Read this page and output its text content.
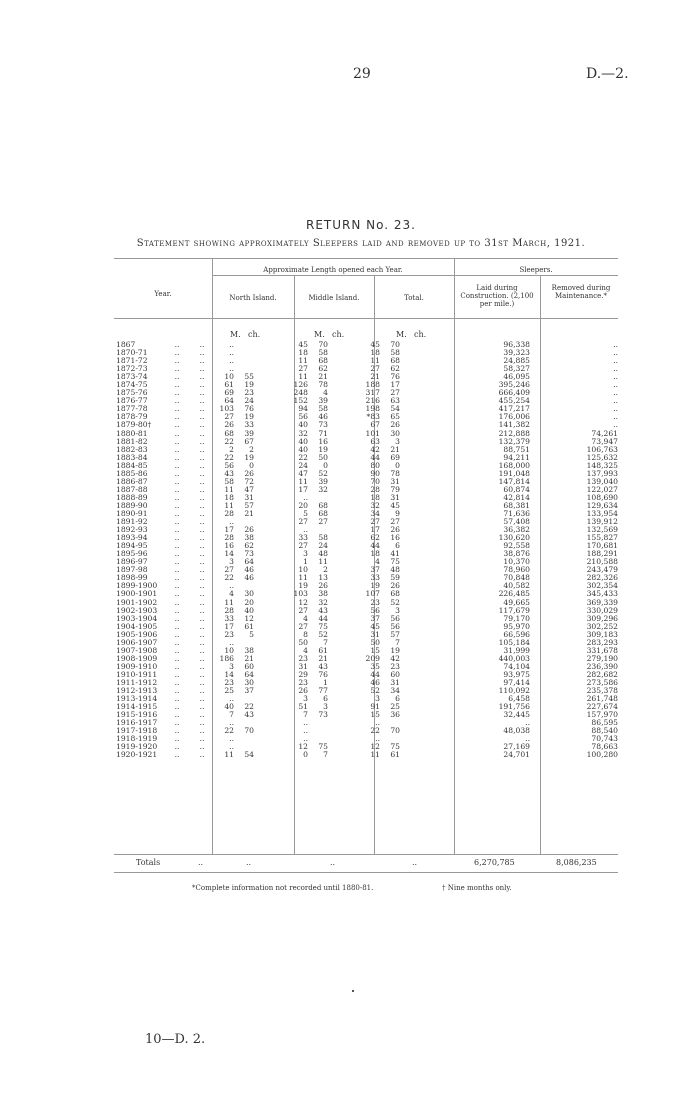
29	D.—2.
RETURN No. 23.
Statement showing approximately Sleepers laid and removed up to 31st March, 1921.
Year.
Approximate Length opened each Year.
North Island.	Middle Island.	Total.
Sleepers.
Laid during Construction. (2,100 per mile.)
Removed during Maintenance.*
M. ch.	M. ch.	M. ch.
1867	..	..	..			45	70		45	70		96,338	..
1870-71	..	..	..			18	58		18	58		39,323	..
1871-72	..	..	..			11	68		11	68		24,885	..
1872-73	..	..	..			27	62		27	62		58,327	..
1873-74	..	..	10	55		11	21		21	76		46,095	..
1874-75	..	..	61	19		126	78		188	17		395,246	..
1875-76	..	..	69	23		248	4		317	27		666,409	..
1876-77	..	..	64	24		152	39		216	63		455,254	..
1877-78	..	..	103	76		94	58		198	54		417,217	..
1878-79	..	..	27	19		56	46		*83	65		176,006	..
1879-80†	..	..	26	33		40	73		67	26		141,382	..
1880-81	..	..	68	39		32	71		101	30		212,888	74,261
1881-82	..	..	22	67		40	16		63	3		132,379	73,947
1882-83	..	..	2	2		40	19		42	21		88,751	106,763
1883-84	..	..	22	19		22	50		44	69		94,211	125,632
1884-85	..	..	56	0		24	0		80	0		168,000	148,325
1885-86	..	..	43	26		47	52		90	78		191,048	137,993
1886-87	..	..	58	72		11	39		70	31		147,814	139,040
1887-88	..	..	11	47		17	32		28	79		60,874	122,027
1888-89	..	..	18	31		..			18	31		42,814	108,690
1889-90	..	..	11	57		20	68		32	45		68,381	129,634
1890-91	..	..	28	21		5	68		34	9		71,636	133,954
1891-92	..	..	..			27	27		27	27		57,408	139,912
1892-93	..	..	17	26		..			17	26		36,382	132,569
1893-94	..	..	28	38		33	58		62	16		130,620	155,827
1894-95	..	..	16	62		27	24		44	6		92,558	170,681
1895-96	..	..	14	73		3	48		18	41		38,876	188,291
1896-97	..	..	3	64		1	11		4	75		10,370	210,588
1897-98	..	..	27	46		10	2		37	48		78,960	243,479
1898-99	..	..	22	46		11	13		33	59		70,848	282,326
1899-1900	..	..	..			19	26		19	26		40,582	302,354
1900-1901	..	..	4	30		103	38		107	68		226,485	345,433
1901-1902	..	..	11	20		12	32		23	52		49,665	369,339
1902-1903	..	..	28	40		27	43		56	3		117,679	330,029
1903-1904	..	..	33	12		4	44		37	56		79,170	309,296
1904-1905	..	..	17	61		27	75		45	56		95,970	302,252
1905-1906	..	..	23	5		8	52		31	57		66,596	309,183
1906-1907	..	..	..			50	7		50	7		105,184	283,293
1907-1908	..	..	10	38		4	61		15	19		31,999	331,678
1908-1909	..	..	186	21		23	21		209	42		440,003	279,190
1909-1910	..	..	3	60		31	43		35	23		74,104	236,390
1910-1911	..	..	14	64		29	76		44	60		93,975	282,682
1911-1912	..	..	23	30		23	1		46	31		97,414	273,586
1912-1913	..	..	25	37		26	77		52	34		110,092	235,378
1913-1914	..	..	..			3	6		3	6		6,458	261,748
1914-1915	..	..	40	22		51	3		91	25		191,756	227,674
1915-1916	..	..	7	43		7	73		15	36		32,445	157,970
1916-1917	..	..	..			..			..			..	86,595
1917-1918	..	..	22	70		..			22	70		48,038	88,540
1918-1919	..	..	..			..			..			..	70,743
1919-1920	..	..	..			12	75		12	75		27,169	78,663
1920-1921	..	..	11	54		0	7		11	61		24,701	100,280
Totals	..	..	..	..	6,270,785	8,086,235
*Complete information not recorded until 1880-81.	† Nine months only.
10—D. 2.
